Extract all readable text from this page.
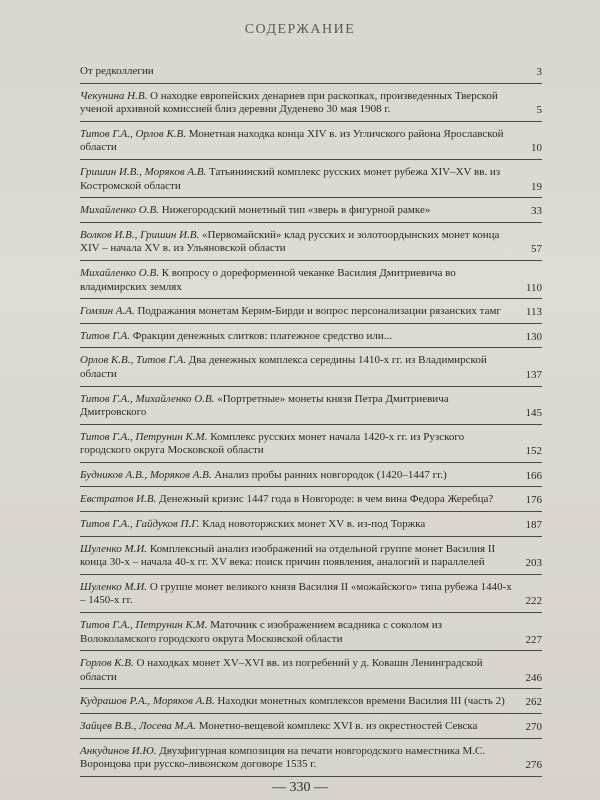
СОДЕРЖАНИЕ
От редколлегии	3
Чекунина Н.В. О находке европейских денариев при раскопках, произведенных Тверской ученой архивной комиссией близ деревни Дуденево 30 мая 1908 г.	5
Титов Г.А., Орлов К.В. Монетная находка конца XIV в. из Угличского района Ярославской области	10
Гришин И.В., Моряков А.В. Татьянинский комплекс русских монет рубежа XIV–XV вв. из Костромской области	19
Михайленко О.В. Нижегородский монетный тип «зверь в фигурной рамке»	33
Волков И.В., Гришин И.В. «Первомайский» клад русских и золотоордынских монет конца XIV – начала XV в. из Ульяновской области	57
Михайленко О.В. К вопросу о дореформенной чеканке Василия Дмитриевича во владимирских землях	110
Гомзин А.А. Подражания монетам Керим-Бирди и вопрос персонализации рязанских тамг 113
Титов Г.А. Фракции денежных слитков: платежное средство или...	130
Орлов К.В., Титов Г.А. Два денежных комплекса середины 1410-х гг. из Владимирской области	137
Титов Г.А., Михайленко О.В. «Портретные» монеты князя Петра Дмитриевича Дмитровского	145
Титов Г.А., Петрунин К.М. Комплекс русских монет начала 1420-х гг. из Рузского городского округа Московской области	152
Будников А.В., Моряков А.В. Анализ пробы ранних новгородок (1420–1447 гг.)	166
Евстратов И.В. Денежный кризис 1447 года в Новгороде: в чем вина Федора Жеребца?	176
Титов Г.А., Гайдуков П.Г. Клад новоторжских монет XV в. из-под Торжка	187
Шуленко М.И. Комплексный анализ изображений на отдельной группе монет Василия II конца 30-х – начала 40-х гг. XV века: поиск причин появления, аналогий и параллелей	203
Шуленко М.И. О группе монет великого князя Василия II «можайского» типа рубежа 1440-х – 1450-х гг.	222
Титов Г.А., Петрунин К.М. Маточник с изображением всадника с соколом из Волоколамского городского округа Московской области	227
Горлов К.В. О находках монет XV–XVI вв. из погребений у д. Ковашн Ленинградской области	246
Кудрашов Р.А., Моряков А.В. Находки монетных комплексов времени Василия III (часть 2) 262
Зайцев В.В., Лосева М.А. Монетно-вещевой комплекс XVI в. из окрестностей Севска	270
Анкудинов И.Ю. Двухфигурная композиция на печати новгородского наместника М.С. Воронцова при русско-ливонском договоре 1535 г.	276
— 330 —
